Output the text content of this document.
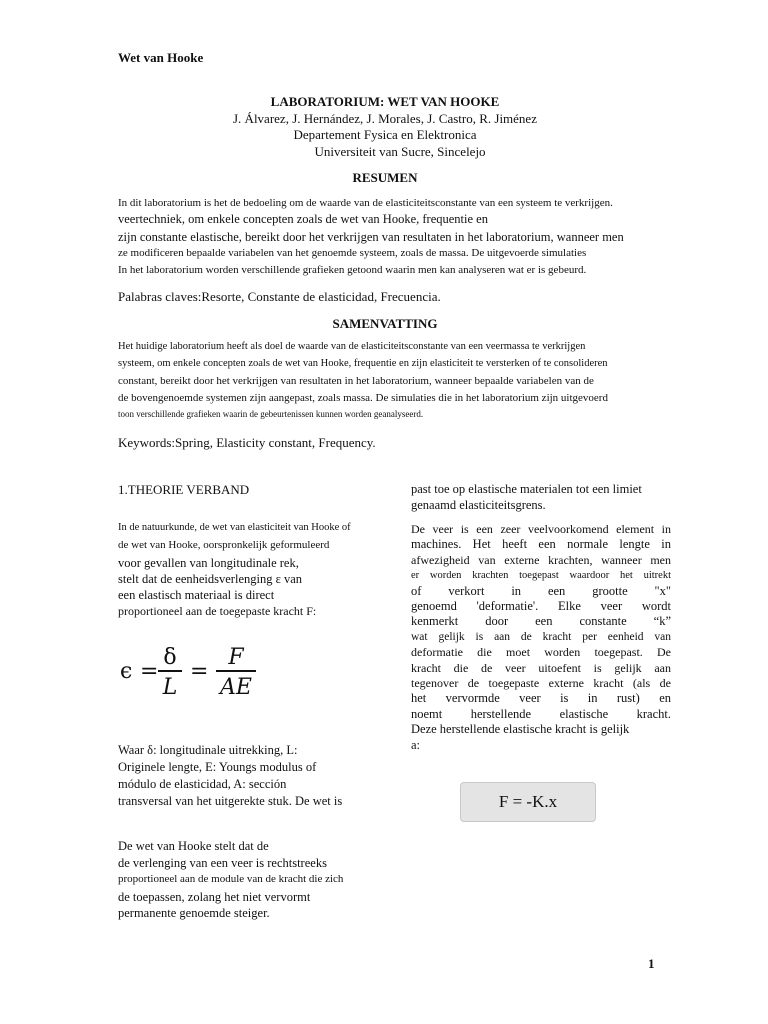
Wet van Hooke
LABORATORIUM: WET VAN HOOKE
J. Álvarez, J. Hernández, J. Morales, J. Castro, R. Jiménez
Departement Fysica en Elektronica
Universiteit van Sucre, Sincelejo
RESUMEN
In dit laboratorium is het de bedoeling om de waarde van de elasticiteitsconstante van een systeem te verkrijgen.
veertechniek, om enkele concepten zoals de wet van Hooke, frequentie en
zijn constante elastische, bereikt door het verkrijgen van resultaten in het laboratorium, wanneer men
ze modificeren bepaalde variabelen van het genoemde systeem, zoals de massa. De uitgevoerde simulaties
In het laboratorium worden verschillende grafieken getoond waarin men kan analyseren wat er is gebeurd.
Palabras claves:Resorte, Constante de elasticidad, Frecuencia.
SAMENVATTING
Het huidige laboratorium heeft als doel de waarde van de elasticiteitsconstante van een veermassa te verkrijgen
systeem, om enkele concepten zoals de wet van Hooke, frequentie en zijn elasticiteit te versterken of te consolideren
constant, bereikt door het verkrijgen van resultaten in het laboratorium, wanneer bepaalde variabelen van de
de bovengenoemde systemen zijn aangepast, zoals massa. De simulaties die in het laboratorium zijn uitgevoerd
toon verschillende grafieken waarin de gebeurtenissen kunnen worden geanalyseerd.
Keywords:Spring, Elasticity constant, Frequency.
1.THEORIE VERBAND
In de natuurkunde, de wet van elasticiteit van Hooke of
de wet van Hooke, oorspronkelijk geformuleerd
voor gevallen van longitudinale rek,
stelt dat de eenheidsverlenging ε van
een elastisch materiaal is direct
proportioneel aan de toegepaste kracht F:
ϵ =
δ
L
=
F
AE
Waar δ: longitudinale uitrekking, L:
Originele lengte, E: Youngs modulus of
módulo de elasticidad, A: sección
transversal van het uitgerekte stuk. De wet is
De wet van Hooke stelt dat de
de verlenging van een veer is rechtstreeks
proportioneel aan de module van de kracht die zich
de toepassen, zolang het niet vervormt
permanente genoemde steiger.
past toe op elastische materialen tot een limiet
genaamd elasticiteitsgrens.
De veer is een zeer veelvoorkomend element in
machines. Het heeft een normale lengte in
afwezigheid van externe krachten, wanneer men
er worden krachten toegepast waardoor het uitrekt
of verkort in een grootte "x"
genoemd 'deformatie'. Elke veer wordt
kenmerkt door een constante “k”
wat gelijk is aan de kracht per eenheid van
deformatie die moet worden toegepast. De
kracht die de veer uitoefent is gelijk aan
tegenover de toegepaste externe kracht (als de
het vervormde veer is in rust) en
noemt herstellende elastische kracht.
Deze herstellende elastische kracht is gelijk
a:
F = -K.x
1
